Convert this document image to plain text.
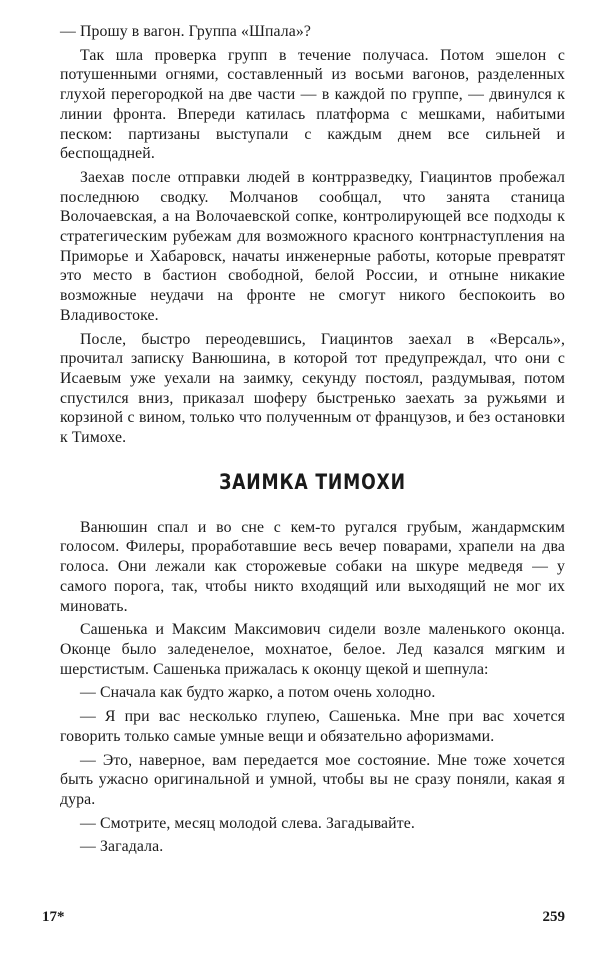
— Прошу в вагон. Группа «Шпала»?

Так шла проверка групп в течение получаса. Потом эшелон с потушенными огнями, составленный из восьми вагонов, разделенных глухой перегородкой на две части — в каждой по группе, — двинулся к линии фронта. Впереди катилась платформа с мешками, набитыми песком: партизаны выступали с каждым днем все сильней и беспощадней.

Заехав после отправки людей в контрразведку, Гиацинтов пробежал последнюю сводку. Молчанов сообщал, что занята станица Волочаевская, а на Волочаевской сопке, контролирующей все подходы к стратегическим рубежам для возможного красного контрнаступления на Приморье и Хабаровск, начаты инженерные работы, которые превратят это место в бастион свободной, белой России, и отныне никакие возможные неудачи на фронте не смогут никого беспокоить во Владивостоке.

После, быстро переодевшись, Гиацинтов заехал в «Версаль», прочитал записку Ванюшина, в которой тот предупреждал, что они с Исаевым уже уехали на заимку, секунду постоял, раздумывая, потом спустился вниз, приказал шоферу быстренько заехать за ружьями и корзиной с вином, только что полученным от французов, и без остановки к Тимохе.

ЗАИМКА ТИМОХИ

Ванюшин спал и во сне с кем-то ругался грубым, жандармским голосом. Филеры, проработавшие весь вечер поварами, храпели на два голоса. Они лежали как сторожевые собаки на шкуре медведя — у самого порога, так, чтобы никто входящий или выходящий не мог их миновать.

Сашенька и Максим Максимович сидели возле маленького оконца. Оконце было заледенелое, мохнатое, белое. Лед казался мягким и шерстистым. Сашенька прижалась к оконцу щекой и шепнула:

— Сначала как будто жарко, а потом очень холодно.

— Я при вас несколько глупею, Сашенька. Мне при вас хочется говорить только самые умные вещи и обязательно афоризмами.

— Это, наверное, вам передается мое состояние. Мне тоже хочется быть ужасно оригинальной и умной, чтобы вы не сразу поняли, какая я дура.

— Смотрите, месяц молодой слева. Загадывайте.

— Загадала.

17*	259
